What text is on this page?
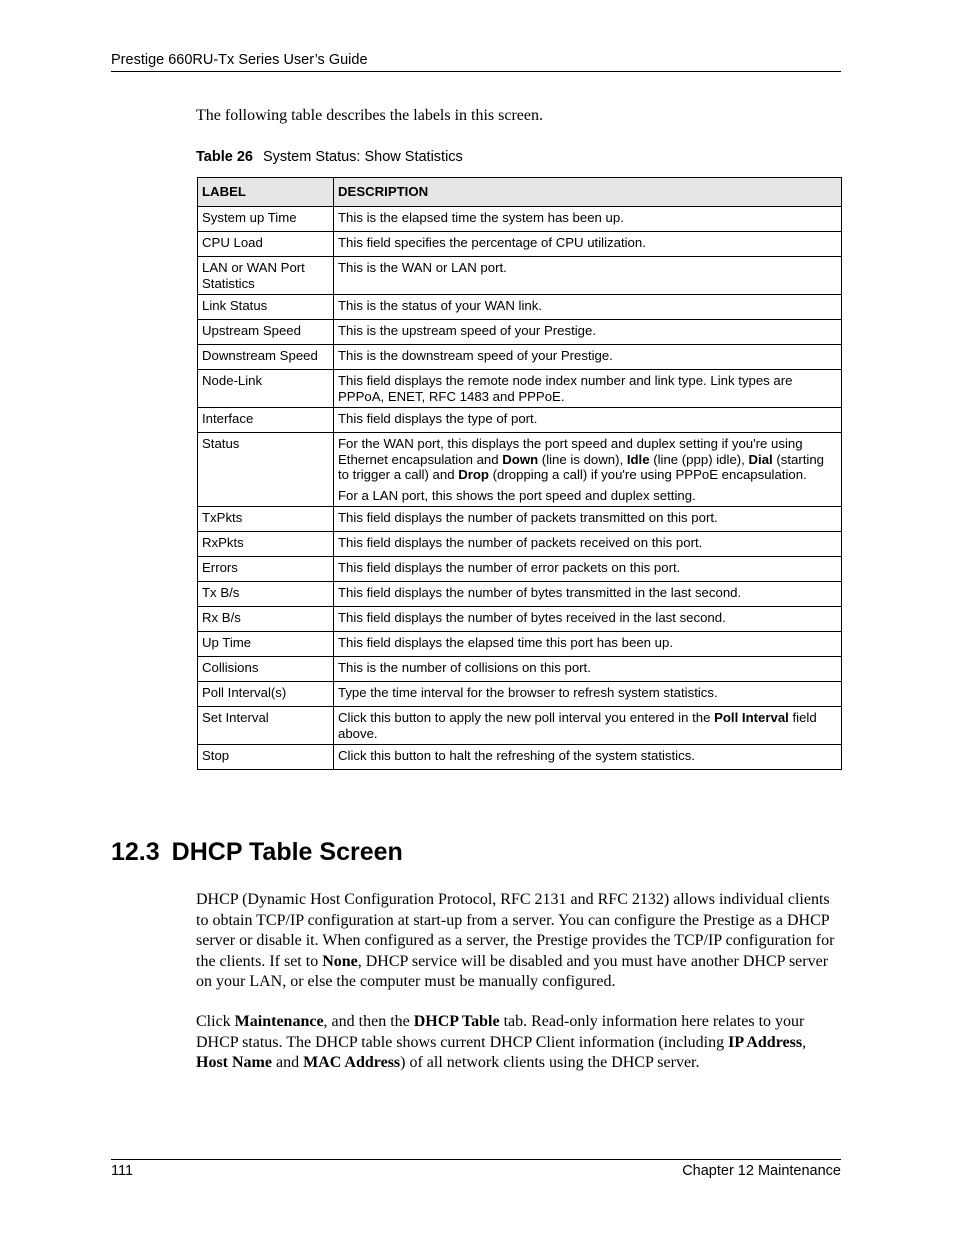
Prestige 660RU-Tx Series User’s Guide
The following table describes the labels in this screen.
Table 26 System Status: Show Statistics
LABEL	DESCRIPTION
System up Time	This is the elapsed time the system has been up.

CPU Load	This field specifies the percentage of CPU utilization.

LAN or WAN Port Statistics	This is the WAN or LAN port.

Link Status	This is the status of your WAN link.

Upstream Speed	This is the upstream speed of your Prestige.

Downstream Speed	This is the downstream speed of your Prestige.

Node-Link	This field displays the remote node index number and link type. Link types are PPPoA, ENET, RFC 1483 and PPPoE.

Interface	This field displays the type of port.

Status	For the WAN port, this displays the port speed and duplex setting if you're using Ethernet encapsulation and Down (line is down), Idle (line (ppp) idle), Dial (starting to trigger a call) and Drop (dropping a call) if you're using PPPoE encapsulation.

For a LAN port, this shows the port speed and duplex setting.

TxPkts	This field displays the number of packets transmitted on this port.

RxPkts	This field displays the number of packets received on this port.

Errors	This field displays the number of error packets on this port.

Tx B/s	This field displays the number of bytes transmitted in the last second.

Rx B/s	This field displays the number of bytes received in the last second.

Up Time	This field displays the elapsed time this port has been up.

Collisions	This is the number of collisions on this port.

Poll Interval(s)	Type the time interval for the browser to refresh system statistics.

Set Interval	Click this button to apply the new poll interval you entered in the Poll Interval field above.

Stop	Click this button to halt the refreshing of the system statistics.

12.3 DHCP Table Screen

DHCP (Dynamic Host Configuration Protocol, RFC 2131 and RFC 2132) allows individual clients to obtain TCP/IP configuration at start-up from a server. You can configure the Prestige as a DHCP server or disable it. When configured as a server, the Prestige provides the TCP/IP configuration for the clients. If set to None, DHCP service will be disabled and you must have another DHCP server on your LAN, or else the computer must be manually configured.

Click Maintenance, and then the DHCP Table tab. Read-only information here relates to your DHCP status. The DHCP table shows current DHCP Client information (including IP Address, Host Name and MAC Address) of all network clients using the DHCP server.

111	Chapter 12 Maintenance
